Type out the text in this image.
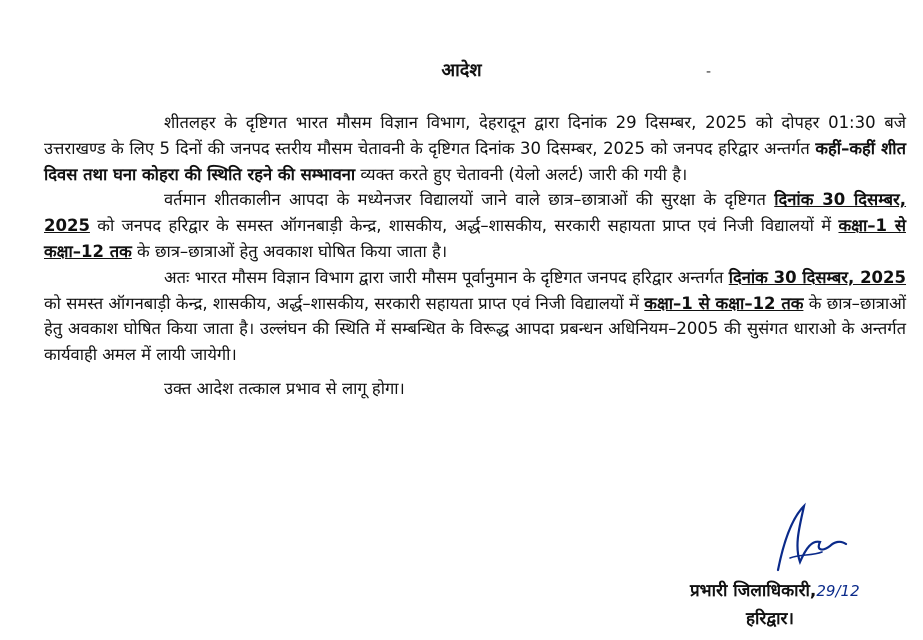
आदेश	-

शीतलहर के दृष्टिगत भारत मौसम विज्ञान विभाग, देहरादून द्वारा दिनांक 29 दिसम्बर, 2025 को दोपहर 01:30 बजे उत्तराखण्ड के लिए 5 दिनों की जनपद स्तरीय मौसम चेतावनी के दृष्टिगत दिनांक 30 दिसम्बर, 2025 को जनपद हरिद्वार अन्तर्गत कहीं–कहीं शीत दिवस तथा घना कोहरा की स्थिति रहने की सम्भावना व्यक्त करते हुए चेतावनी (येलो अलर्ट) जारी की गयी है।

वर्तमान शीतकालीन आपदा के मध्येनजर विद्यालयों जाने वाले छात्र–छात्राओं की सुरक्षा के दृष्टिगत दिनांक 30 दिसम्बर, 2025 को जनपद हरिद्वार के समस्त ऑगनबाड़ी केन्द्र, शासकीय, अर्द्ध–शासकीय, सरकारी सहायता प्राप्त एवं निजी विद्यालयों में कक्षा–1 से कक्षा–12 तक के छात्र–छात्राओं हेतु अवकाश घोषित किया जाता है।

अतः भारत मौसम विज्ञान विभाग द्वारा जारी मौसम पूर्वानुमान के दृष्टिगत जनपद हरिद्वार अन्तर्गत दिनांक 30 दिसम्बर, 2025 को समस्त ऑगनबाड़ी केन्द्र, शासकीय, अर्द्ध–शासकीय, सरकारी सहायता प्राप्त एवं निजी विद्यालयों में कक्षा–1 से कक्षा–12 तक के छात्र–छात्राओं हेतु अवकाश घोषित किया जाता है। उल्लंघन की स्थिति में सम्बन्धित के विरूद्ध आपदा प्रबन्धन अधिनियम–2005 की सुसंगत धाराओ के अन्तर्गत कार्यवाही अमल में लायी जायेगी।

उक्त आदेश तत्काल प्रभाव से लागू होगा।

प्रभारी जिलाधिकारी,29/12
हरिद्वार।
